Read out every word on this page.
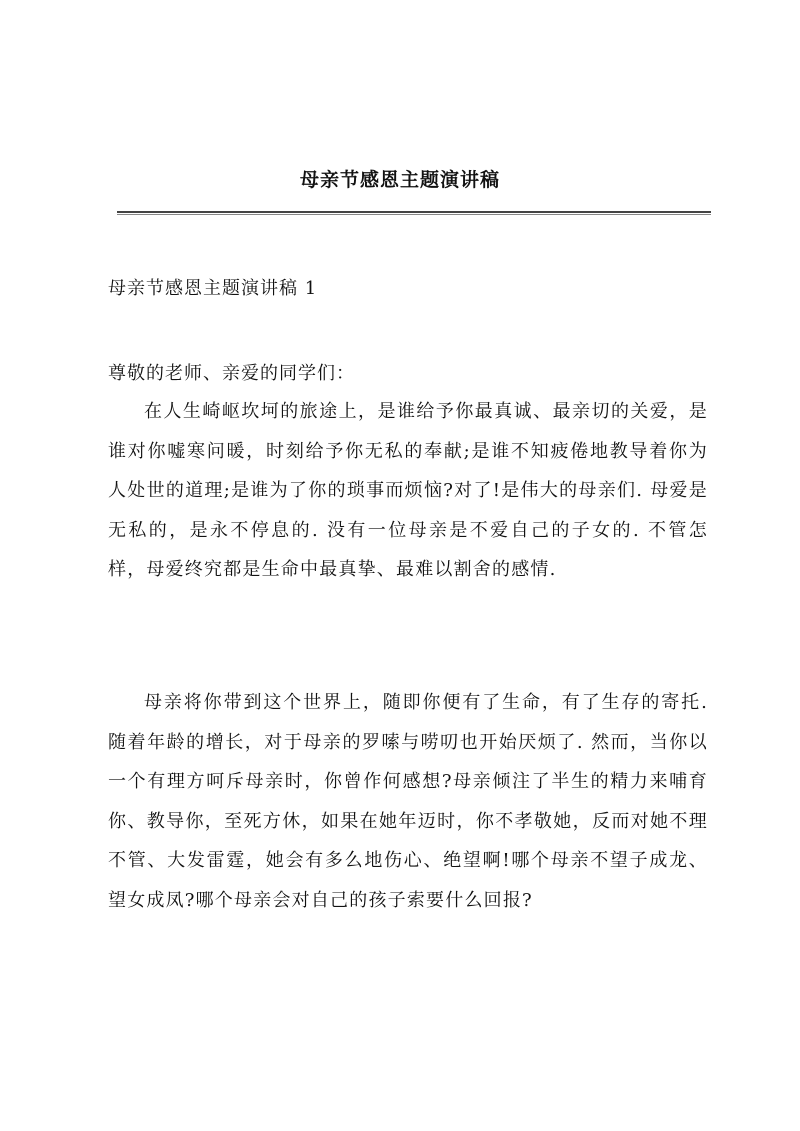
母亲节感恩主题演讲稿
母亲节感恩主题演讲稿 1
尊敬的老师、亲爱的同学们：

在人生崎岖坎坷的旅途上，是谁给予你最真诚、最亲切的关爱，是谁对你嘘寒问暖，时刻给予你无私的奉献;是谁不知疲倦地教导着你为人处世的道理;是谁为了你的琐事而烦恼?对了!是伟大的母亲们. 母爱是无私的，是永不停息的. 没有一位母亲是不爱自己的子女的. 不管怎样，母爱终究都是生命中最真挚、最难以割舍的感情.

母亲将你带到这个世界上，随即你便有了生命，有了生存的寄托. 随着年龄的增长，对于母亲的罗嗦与唠叨也开始厌烦了. 然而，当你以一个有理方呵斥母亲时，你曾作何感想?母亲倾注了半生的精力来哺育你、教导你，至死方休，如果在她年迈时，你不孝敬她，反而对她不理不管、大发雷霆，她会有多么地伤心、绝望啊!哪个母亲不望子成龙、望女成凤?哪个母亲会对自己的孩子索要什么回报?
